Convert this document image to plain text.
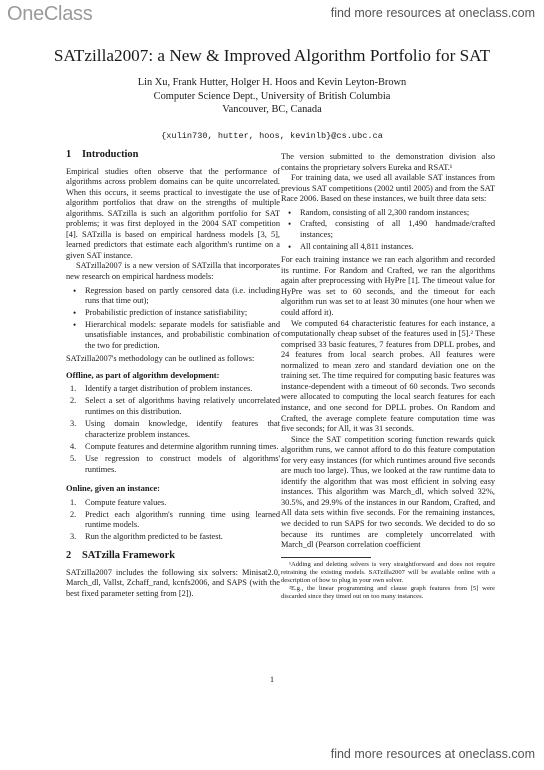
OneClass	find more resources at oneclass.com
SATzilla2007: a New & Improved Algorithm Portfolio for SAT
Lin Xu, Frank Hutter, Holger H. Hoos and Kevin Leyton-Brown
Computer Science Dept., University of British Columbia
Vancouver, BC, Canada
{xulin730, hutter, hoos, kevinlb}@cs.ubc.ca
1 Introduction
Empirical studies often observe that the performance of algorithms across problem domains can be quite uncorrelated. When this occurs, it seems practical to investigate the use of algorithm portfolios that draw on the strengths of multiple algorithms. SATzilla is such an algorithm portfolio for SAT problems; it was first deployed in the 2004 SAT competition [4]. SATzilla is based on empirical hardness models [3, 5], learned predictors that estimate each algorithm's runtime on a given SAT instance.
SATzilla2007 is a new version of SATzilla that incorporates new research on empirical hardness models:
• Regression based on partly censored data (i.e. including runs that time out);
• Probabilistic prediction of instance satisfiability;
• Hierarchical models: separate models for satisfiable and unsatisfiable instances, and probabilistic combination of the two for prediction.
SATzilla2007's methodology can be outlined as follows:
Offline, as part of algorithm development:
1. Identify a target distribution of problem instances.
2. Select a set of algorithms having relatively uncorrelated runtimes on this distribution.
3. Using domain knowledge, identify features that characterize problem instances.
4. Compute features and determine algorithm running times.
5. Use regression to construct models of algorithms' runtimes.
Online, given an instance:
1. Compute feature values.
2. Predict each algorithm's running time using learned runtime models.
3. Run the algorithm predicted to be fastest.
2 SATzilla Framework
SATzilla2007 includes the following six solvers: Minisat2.0, March_dl, Vallst, Zchaff_rand, kcnfs2006, and SAPS (with the best fixed parameter setting from [2]).
The version submitted to the demonstration division also contains the proprietary solvers Eureka and RSAT.¹
For training data, we used all available SAT instances from previous SAT competitions (2002 until 2005) and from the SAT Race 2006. Based on these instances, we built three data sets:
• Random, consisting of all 2,300 random instances;
• Crafted, consisting of all 1,490 handmade/crafted instances;
• All containing all 4,811 instances.
For each training instance we ran each algorithm and recorded its runtime. For Random and Crafted, we ran the algorithms again after preprocessing with HyPre [1]. The timeout value for HyPre was set to 60 seconds, and the timeout for each algorithm run was set to at least 30 minutes (one hour when we could afford it).
We computed 64 characteristic features for each instance, a computationally cheap subset of the features used in [5].² These comprised 33 basic features, 7 features from DPLL probes, and 24 features from local search probes. All features were normalized to mean zero and standard deviation one on the training set. The time required for computing basic features was instance-dependent with a timeout of 60 seconds. Two seconds were allocated to computing the local search features for each instance, and one second for DPLL probes. On Random and Crafted, the average complete feature computation time was five seconds; for All, it was 31 seconds.
Since the SAT competition scoring function rewards quick algorithm runs, we cannot afford to do this feature computation for very easy instances (for which runtimes around five seconds are much too large). Thus, we looked at the raw runtime data to identify the algorithm that was most efficient in solving easy instances. This algorithm was March_dl, which solved 32%, 30.5%, and 29.9% of the instances in our Random, Crafted, and All data sets within five seconds. For the remaining instances, we decided to run SAPS for two seconds. We decided to do so because its runtimes are completely uncorrelated with March_dl (Pearson correlation coefficient
¹Adding and deleting solvers is very straightforward and does not require retraining the existing models. SATzilla2007 will be available online with a description of how to plug in your own solver.
²E.g., the linear programming and clause graph features from [5] were discarded since they timed out on too many instances.
1
find more resources at oneclass.com
